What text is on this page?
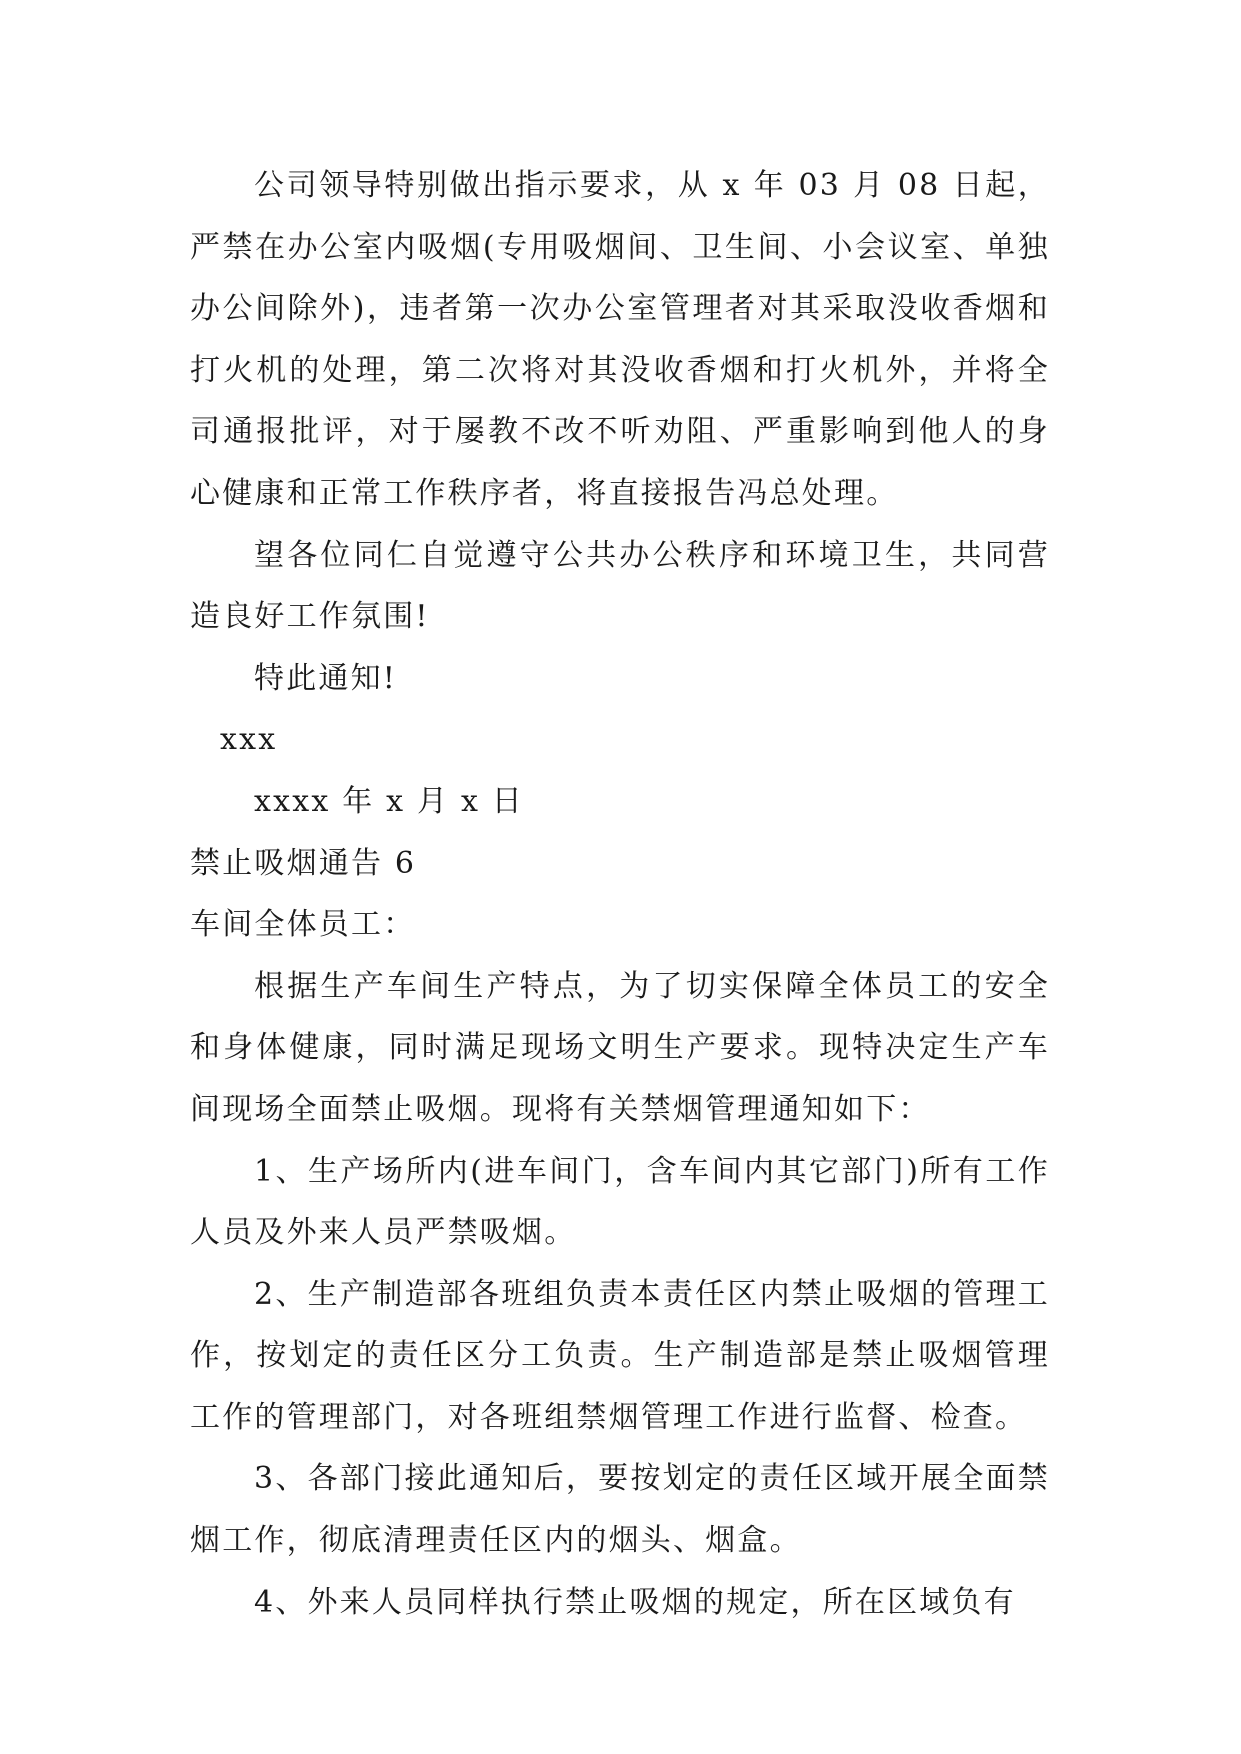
公司领导特别做出指示要求，从 x 年 03 月 08 日起，严禁在办公室内吸烟(专用吸烟间、卫生间、小会议室、单独办公间除外)，违者第一次办公室管理者对其采取没收香烟和打火机的处理，第二次将对其没收香烟和打火机外，并将全司通报批评，对于屡教不改不听劝阻、严重影响到他人的身心健康和正常工作秩序者，将直接报告冯总处理。

望各位同仁自觉遵守公共办公秩序和环境卫生，共同营造良好工作氛围!

特此通知!

xxx

xxxx 年 x 月 x 日

禁止吸烟通告 6

车间全体员工：

根据生产车间生产特点，为了切实保障全体员工的安全和身体健康，同时满足现场文明生产要求。现特决定生产车间现场全面禁止吸烟。现将有关禁烟管理通知如下：

1、生产场所内(进车间门，含车间内其它部门)所有工作人员及外来人员严禁吸烟。

2、生产制造部各班组负责本责任区内禁止吸烟的管理工作，按划定的责任区分工负责。生产制造部是禁止吸烟管理工作的管理部门，对各班组禁烟管理工作进行监督、检查。

3、各部门接此通知后，要按划定的责任区域开展全面禁烟工作，彻底清理责任区内的烟头、烟盒。

4、外来人员同样执行禁止吸烟的规定，所在区域负有
